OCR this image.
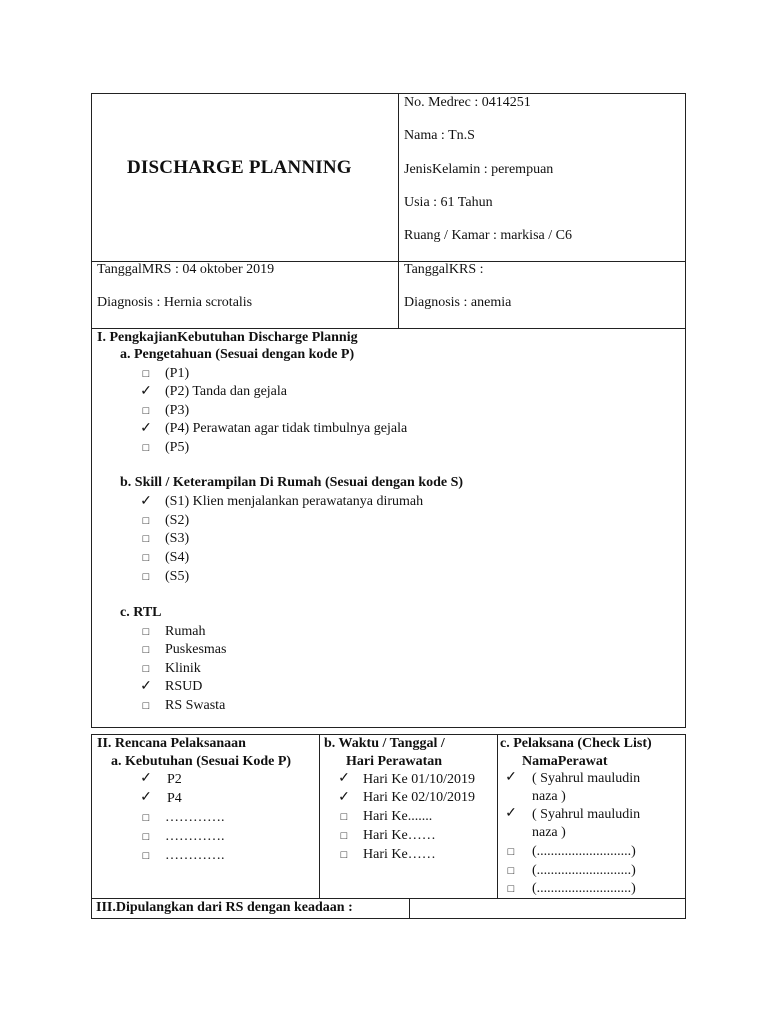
DISCHARGE PLANNING
No. Medrec : 0414251
Nama : Tn.S
JenisKelamin : perempuan
Usia : 61 Tahun
Ruang / Kamar : markisa / C6
TanggalMRS : 04 oktober 2019
Diagnosis : Hernia scrotalis
TanggalKRS :
Diagnosis : anemia
I. PengkajianKebutuhan Discharge Plannig
a. Pengetahuan (Sesuai dengan kode P)
□ (P1)
✓ (P2) Tanda dan gejala
□ (P3)
✓ (P4) Perawatan agar tidak timbulnya gejala
□ (P5)
b. Skill / Keterampilan Di Rumah (Sesuai dengan kode S)
✓ (S1) Klien menjalankan perawatanya dirumah
□ (S2)
□ (S3)
□ (S4)
□ (S5)
c. RTL
□ Rumah
□ Puskesmas
□ Klinik
✓ RSUD
□ RS Swasta
II. Rencana Pelaksanaan
a. Kebutuhan (Sesuai Kode P)
✓ P2
✓ P4
□ ………….
□ ………….
□ ………….
b. Waktu / Tanggal /
Hari Perawatan
✓ Hari Ke 01/10/2019
✓ Hari Ke 02/10/2019
□ Hari Ke.......
□ Hari Ke……
□ Hari Ke……
c. Pelaksana (Check List)
NamaPerawat
✓ ( Syahrul mauludin
naza )
✓ ( Syahrul mauludin
naza )
□ (...........................)
□ (...........................)
□ (...........................)
III.Dipulangkan dari RS dengan keadaan :
